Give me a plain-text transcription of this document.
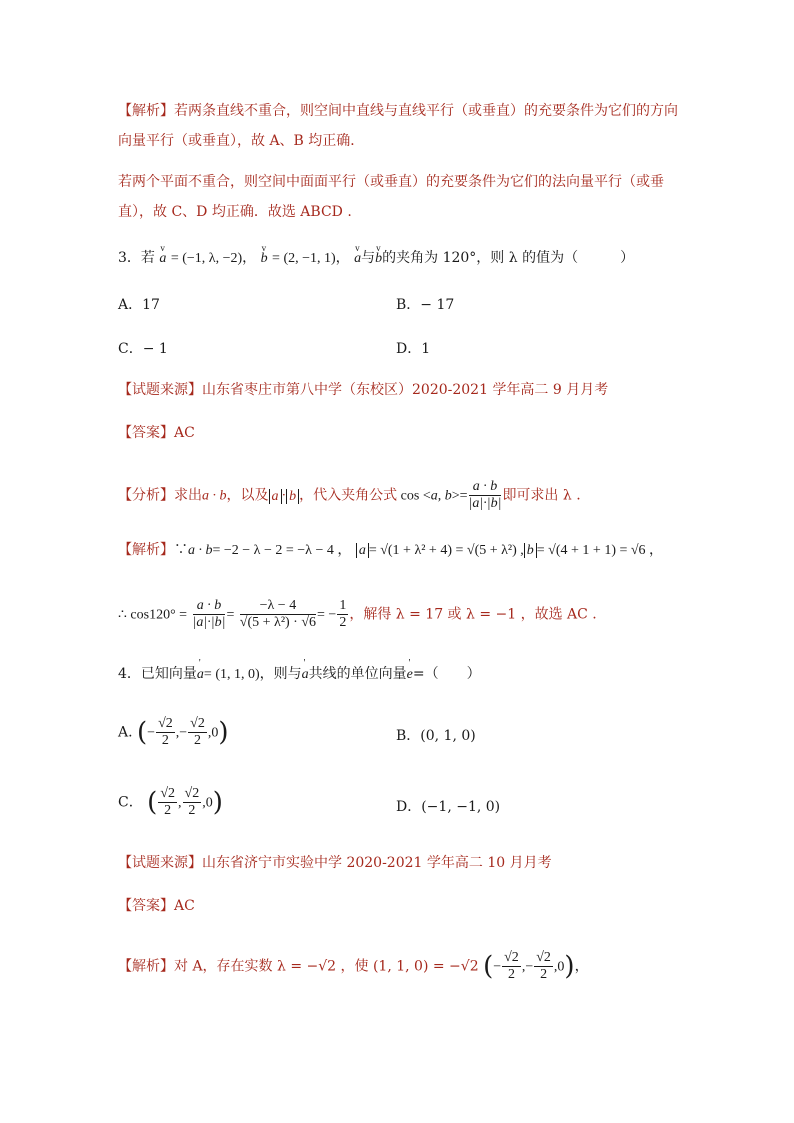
【解析】若两条直线不重合，则空间中直线与直线平行（或垂直）的充要条件为它们的方向
向量平行（或垂直），故 A、B 均正确．
若两个平面不重合，则空间中面面平行（或垂直）的充要条件为它们的法向量平行（或垂
直），故 C、D 均正确．故选 ABCD .
3．若 v a = (−1, λ, −2)， v b = (2, −1, 1)， v a与v b的夹角为 120°，则 λ 的值为（　　　）
A．17	B．− 17
C．− 1	D．1
【试题来源】山东省枣庄市第八中学（东校区）2020-2021 学年高二 9 月月考
【答案】AC
【分析】求出a · b，以及 a · b ，代入夹角公式 cos <a, $b>= \frac{a \cdot b}{|a|\cdot|b|}$ 即可求出 λ .
【解析】∵a · b= −2 − λ − 2 = −λ − 4 ， a = √(1 + λ² + 4) = √(5 + λ²) , b = √(4 + 1 + 1) = √6 ，
∴ $\cos 120^\circ = \frac{a \cdot b}{|a|\cdot|b|} = \frac{-\lambda - 4}{\text{√(5 + λ²) · √6}}$ = − $\frac{1}{2}$ ，解得 λ = 17 或 λ = −1 ，故选 AC .
4．已知向量' a= (1, 1, 0)，则与' a共线的单位向量' e=（　　）
A. (− $\frac{√2}{2}$ ,− $\frac{√2}{2} ,0$)	B．(0, 1, 0)
C． ( $\frac{√2}{2}$ , $\frac{√2}{2} ,0$)	D．(−1, −1, 0)
【试题来源】山东省济宁市实验中学 2020-2021 学年高二 10 月月考
【答案】AC
【解析】对 A，存在实数 λ = −√2 ，使 (1, 1, 0) = −√2 (− $\frac{√2}{2}$ ,− $\frac{√2}{2} ,0$)，
